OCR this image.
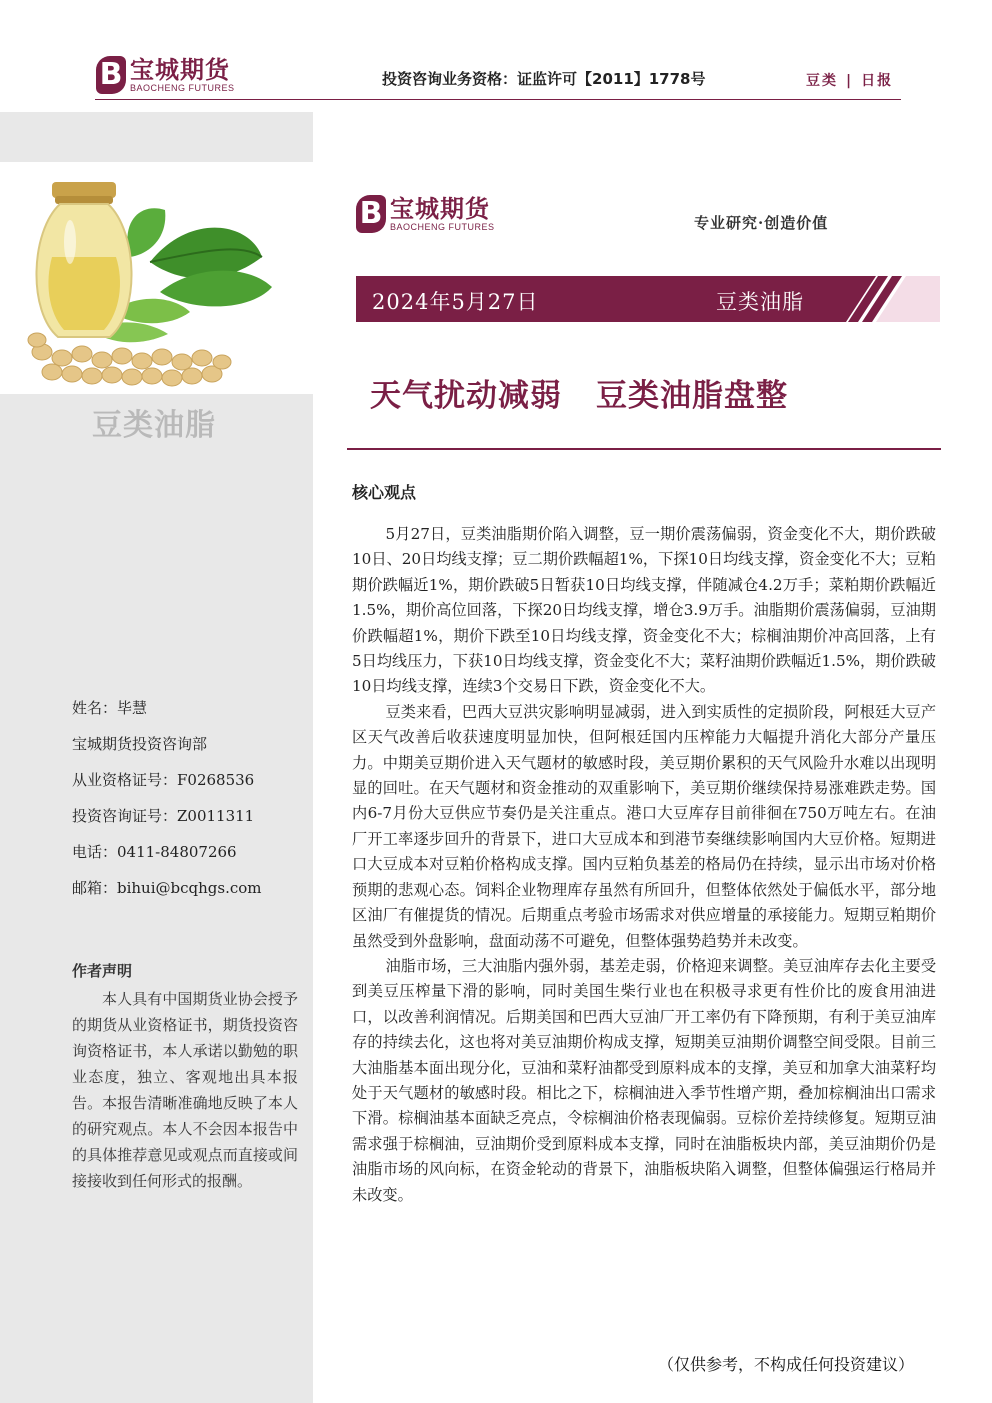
B 宝城期货
BAOCHENG FUTURES	投资咨询业务资格：证监许可【2011】1778号	豆类 | 日报
豆类油脂
姓名：毕慧
宝城期货投资咨询部
从业资格证号：F0268536
投资咨询证号：Z0011311
电话：0411-84807266
邮箱：bihui@bcqhgs.com
作者声明
本人具有中国期货业协会授予的期货从业资格证书，期货投资咨询资格证书，本人承诺以勤勉的职业态度，独立、客观地出具本报告。本报告清晰准确地反映了本人的研究观点。本人不会因本报告中的具体推荐意见或观点而直接或间接接收到任何形式的报酬。
B 宝城期货
BAOCHENG FUTURES	专业研究·创造价值
2024年5月27日	豆类油脂
天气扰动减弱 豆类油脂盘整
核心观点

5月27日，豆类油脂期价陷入调整，豆一期价震荡偏弱，资金变化不大，期价跌破10日、20日均线支撑；豆二期价跌幅超1%，下探10日均线支撑，资金变化不大；豆粕期价跌幅近1%，期价跌破5日暂获10日均线支撑，伴随减仓4.2万手；菜粕期价跌幅近1.5%，期价高位回落，下探20日均线支撑，增仓3.9万手。油脂期价震荡偏弱，豆油期价跌幅超1%，期价下跌至10日均线支撑，资金变化不大；棕榈油期价冲高回落，上有5日均线压力，下获10日均线支撑，资金变化不大；菜籽油期价跌幅近1.5%，期价跌破10日均线支撑，连续3个交易日下跌，资金变化不大。

豆类来看，巴西大豆洪灾影响明显减弱，进入到实质性的定损阶段，阿根廷大豆产区天气改善后收获速度明显加快，但阿根廷国内压榨能力大幅提升消化大部分产量压力。中期美豆期价进入天气题材的敏感时段，美豆期价累积的天气风险升水难以出现明显的回吐。在天气题材和资金推动的双重影响下，美豆期价继续保持易涨难跌走势。国内6-7月份大豆供应节奏仍是关注重点。港口大豆库存目前徘徊在750万吨左右。在油厂开工率逐步回升的背景下，进口大豆成本和到港节奏继续影响国内大豆价格。短期进口大豆成本对豆粕价格构成支撑。国内豆粕负基差的格局仍在持续，显示出市场对价格预期的悲观心态。饲料企业物理库存虽然有所回升，但整体依然处于偏低水平，部分地区油厂有催提货的情况。后期重点考验市场需求对供应增量的承接能力。短期豆粕期价虽然受到外盘影响，盘面动荡不可避免，但整体强势趋势并未改变。

油脂市场，三大油脂内强外弱，基差走弱，价格迎来调整。美豆油库存去化主要受到美豆压榨量下滑的影响，同时美国生柴行业也在积极寻求更有性价比的废食用油进口，以改善利润情况。后期美国和巴西大豆油厂开工率仍有下降预期，有利于美豆油库存的持续去化，这也将对美豆油期价构成支撑，短期美豆油期价调整空间受限。目前三大油脂基本面出现分化，豆油和菜籽油都受到原料成本的支撑，美豆和加拿大油菜籽均处于天气题材的敏感时段。相比之下，棕榈油进入季节性增产期，叠加棕榈油出口需求下滑。棕榈油基本面缺乏亮点，令棕榈油价格表现偏弱。豆棕价差持续修复。短期豆油需求强于棕榈油，豆油期价受到原料成本支撑，同时在油脂板块内部，美豆油期价仍是油脂市场的风向标，在资金轮动的背景下，油脂板块陷入调整，但整体偏强运行格局并未改变。

（仅供参考，不构成任何投资建议）
